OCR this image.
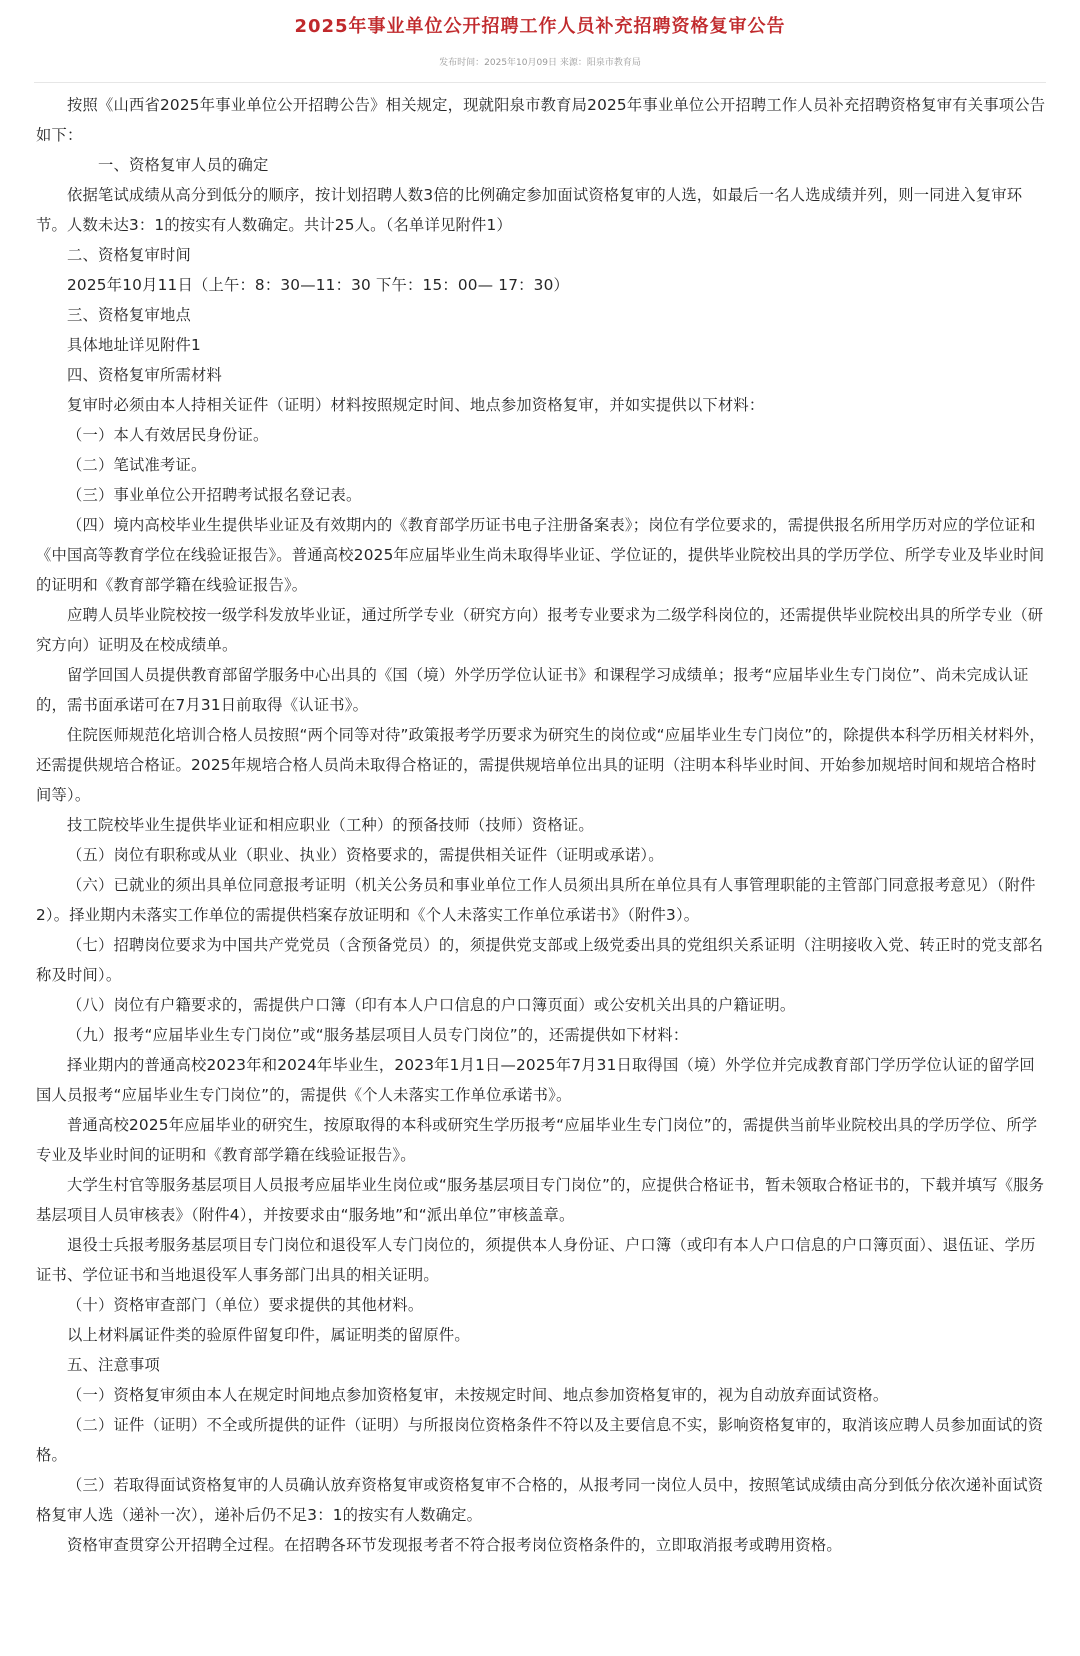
2025年事业单位公开招聘工作人员补充招聘资格复审公告
发布时间：2025年10月09日 来源：阳泉市教育局

按照《山西省2025年事业单位公开招聘公告》相关规定，现就阳泉市教育局2025年事业单位公开招聘工作人员补充招聘资格复审有关事项公告如下：

一、资格复审人员的确定

依据笔试成绩从高分到低分的顺序，按计划招聘人数3倍的比例确定参加面试资格复审的人选，如最后一名人选成绩并列，则一同进入复审环节。人数未达3：1的按实有人数确定。共计25人。（名单详见附件1）

二、资格复审时间

2025年10月11日（上午：8：30—11：30 下午：15：00— 17：30）

三、资格复审地点

具体地址详见附件1

四、资格复审所需材料

复审时必须由本人持相关证件（证明）材料按照规定时间、地点参加资格复审，并如实提供以下材料：

（一）本人有效居民身份证。

（二）笔试准考证。

（三）事业单位公开招聘考试报名登记表。

（四）境内高校毕业生提供毕业证及有效期内的《教育部学历证书电子注册备案表》；岗位有学位要求的，需提供报名所用学历对应的学位证和《中国高等教育学位在线验证报告》。普通高校2025年应届毕业生尚未取得毕业证、学位证的，提供毕业院校出具的学历学位、所学专业及毕业时间的证明和《教育部学籍在线验证报告》。

应聘人员毕业院校按一级学科发放毕业证，通过所学专业（研究方向）报考专业要求为二级学科岗位的，还需提供毕业院校出具的所学专业（研究方向）证明及在校成绩单。

留学回国人员提供教育部留学服务中心出具的《国（境）外学历学位认证书》和课程学习成绩单；报考“应届毕业生专门岗位”、尚未完成认证的，需书面承诺可在7月31日前取得《认证书》。

住院医师规范化培训合格人员按照“两个同等对待”政策报考学历要求为研究生的岗位或“应届毕业生专门岗位”的，除提供本科学历相关材料外，还需提供规培合格证。2025年规培合格人员尚未取得合格证的，需提供规培单位出具的证明（注明本科毕业时间、开始参加规培时间和规培合格时间等）。

技工院校毕业生提供毕业证和相应职业（工种）的预备技师（技师）资格证。

（五）岗位有职称或从业（职业、执业）资格要求的，需提供相关证件（证明或承诺）。

（六）已就业的须出具单位同意报考证明（机关公务员和事业单位工作人员须出具所在单位具有人事管理职能的主管部门同意报考意见）（附件2）。择业期内未落实工作单位的需提供档案存放证明和《个人未落实工作单位承诺书》（附件3）。

（七）招聘岗位要求为中国共产党党员（含预备党员）的，须提供党支部或上级党委出具的党组织关系证明（注明接收入党、转正时的党支部名称及时间）。

（八）岗位有户籍要求的，需提供户口簿（印有本人户口信息的户口簿页面）或公安机关出具的户籍证明。

（九）报考“应届毕业生专门岗位”或“服务基层项目人员专门岗位”的，还需提供如下材料：

择业期内的普通高校2023年和2024年毕业生，2023年1月1日—2025年7月31日取得国（境）外学位并完成教育部门学历学位认证的留学回国人员报考“应届毕业生专门岗位”的，需提供《个人未落实工作单位承诺书》。

普通高校2025年应届毕业的研究生，按原取得的本科或研究生学历报考“应届毕业生专门岗位”的，需提供当前毕业院校出具的学历学位、所学专业及毕业时间的证明和《教育部学籍在线验证报告》。

大学生村官等服务基层项目人员报考应届毕业生岗位或“服务基层项目专门岗位”的，应提供合格证书，暂未领取合格证书的，下载并填写《服务基层项目人员审核表》（附件4），并按要求由“服务地”和“派出单位”审核盖章。

退役士兵报考服务基层项目专门岗位和退役军人专门岗位的，须提供本人身份证、户口簿（或印有本人户口信息的户口簿页面）、退伍证、学历证书、学位证书和当地退役军人事务部门出具的相关证明。

（十）资格审查部门（单位）要求提供的其他材料。

以上材料属证件类的验原件留复印件，属证明类的留原件。

五、注意事项

（一）资格复审须由本人在规定时间地点参加资格复审，未按规定时间、地点参加资格复审的，视为自动放弃面试资格。

（二）证件（证明）不全或所提供的证件（证明）与所报岗位资格条件不符以及主要信息不实，影响资格复审的，取消该应聘人员参加面试的资格。

（三）若取得面试资格复审的人员确认放弃资格复审或资格复审不合格的，从报考同一岗位人员中，按照笔试成绩由高分到低分依次递补面试资格复审人选（递补一次），递补后仍不足3：1的按实有人数确定。

资格审查贯穿公开招聘全过程。在招聘各环节发现报考者不符合报考岗位资格条件的，立即取消报考或聘用资格。
